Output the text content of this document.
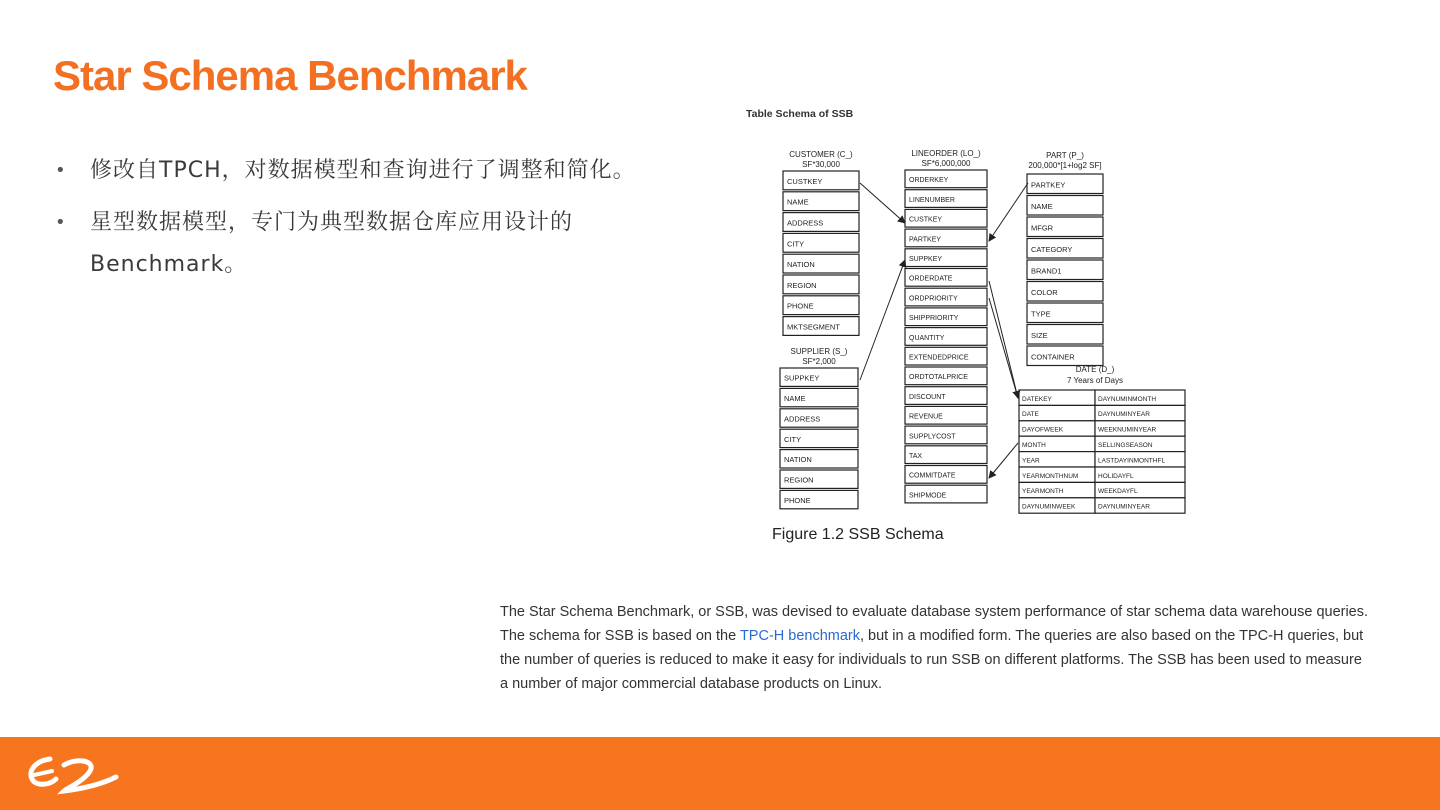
Star Schema Benchmark
• 修改自TPCH，对数据模型和查询进行了调整和简化。
• 星型数据模型，专门为典型数据仓库应用设计的Benchmark。
Table Schema of SSB
CUSTOMER (C_)
SF*30,000
CUSTKEY
NAME
ADDRESS
CITY
NATION
REGION
PHONE
MKTSEGMENT
SUPPLIER (S_)
SF*2,000
SUPPKEY
NAME
ADDRESS
CITY
NATION
REGION
PHONE
LINEORDER (LO_)
SF*6,000,000
ORDERKEY
LINENUMBER
CUSTKEY
PARTKEY
SUPPKEY
ORDERDATE
ORDPRIORITY
SHIPPRIORITY
QUANTITY
EXTENDEDPRICE
ORDTOTALPRICE
DISCOUNT
REVENUE
SUPPLYCOST
TAX
COMMITDATE
SHIPMODE
PART (P_)
200,000*[1+log2 SF]
PARTKEY
NAME
MFGR
CATEGORY
BRAND1
COLOR
TYPE
SIZE
CONTAINER
DATE (D_)
7 Years of Days
DATEKEY
DATE
DAYOFWEEK
MONTH
YEAR
YEARMONTHNUM
YEARMONTH
DAYNUMINWEEK
DAYNUMINMONTH
DAYNUMINYEAR
WEEKNUMINYEAR
SELLINGSEASON
LASTDAYINMONTHFL
HOLIDAYFL
WEEKDAYFL
DAYNUMINYEAR
Figure 1.2 SSB Schema

The Star Schema Benchmark, or SSB, was devised to evaluate database system performance of star schema data warehouse queries. The schema for SSB is based on the TPC-H benchmark, but in a modified form. The queries are also based on the TPC-H queries, but the number of queries is reduced to make it easy for individuals to run SSB on different platforms. The SSB has been used to measure a number of major commercial database products on Linux.
